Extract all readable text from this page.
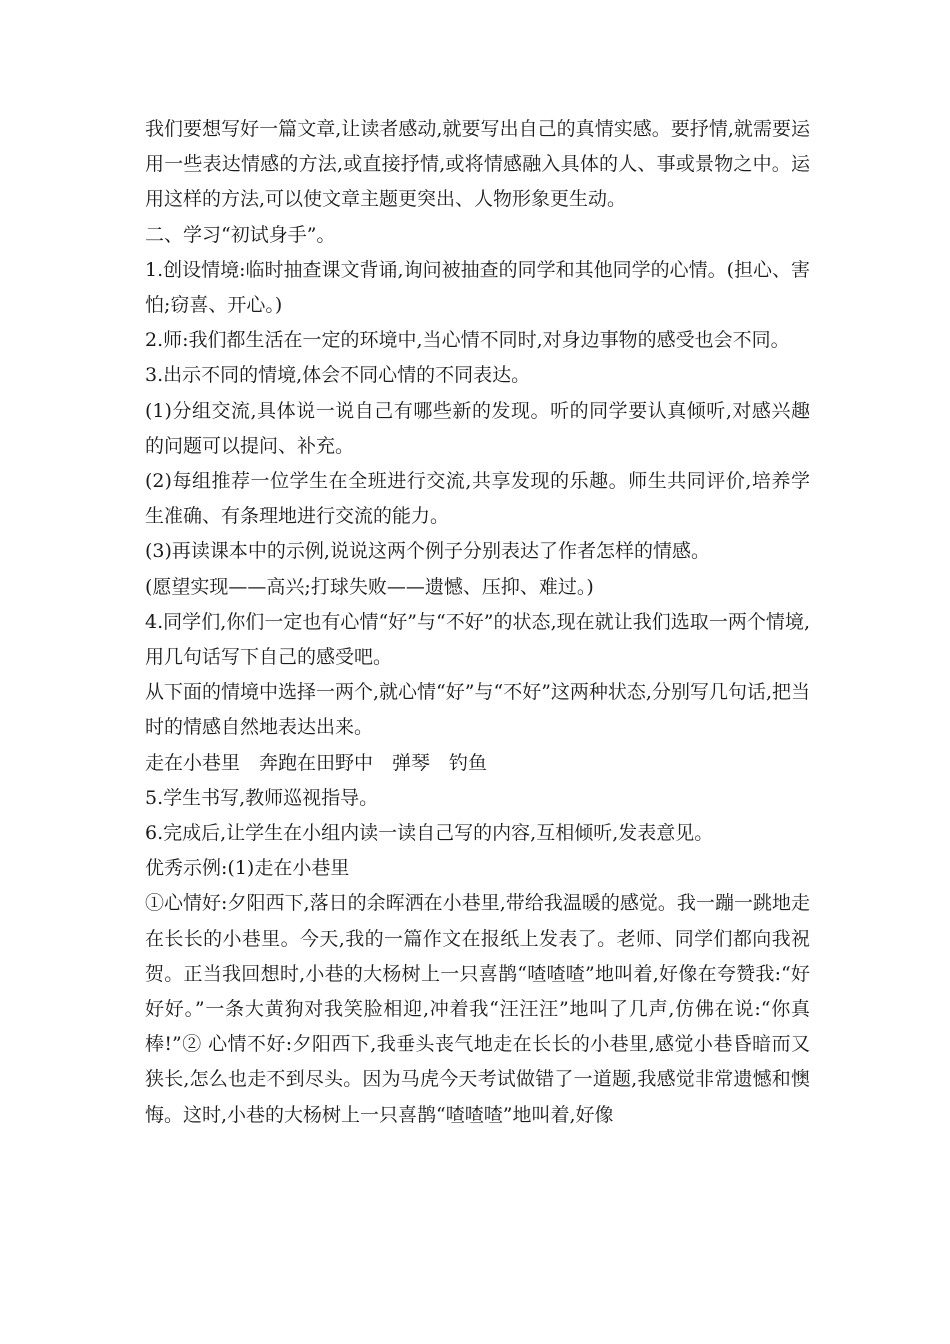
我们要想写好一篇文章,让读者感动,就要写出自己的真情实感。要抒情,就需要运用一些表达情感的方法,或直接抒情,或将情感融入具体的人、事或景物之中。运用这样的方法,可以使文章主题更突出、人物形象更生动。

二、学习“初试身手”。

1.创设情境:临时抽查课文背诵,询问被抽查的同学和其他同学的心情。(担心、害怕;窃喜、开心。)

2.师:我们都生活在一定的环境中,当心情不同时,对身边事物的感受也会不同。

3.出示不同的情境,体会不同心情的不同表达。

(1)分组交流,具体说一说自己有哪些新的发现。听的同学要认真倾听,对感兴趣的问题可以提问、补充。

(2)每组推荐一位学生在全班进行交流,共享发现的乐趣。师生共同评价,培养学生准确、有条理地进行交流的能力。

(3)再读课本中的示例,说说这两个例子分别表达了作者怎样的情感。

(愿望实现——高兴;打球失败——遗憾、压抑、难过。)

4.同学们,你们一定也有心情“好”与“不好”的状态,现在就让我们选取一两个情境,用几句话写下自己的感受吧。

从下面的情境中选择一两个,就心情“好”与“不好”这两种状态,分别写几句话,把当时的情感自然地表达出来。

走在小巷里　奔跑在田野中　弹琴　钓鱼

5.学生书写,教师巡视指导。

6.完成后,让学生在小组内读一读自己写的内容,互相倾听,发表意见。

优秀示例:(1)走在小巷里

①心情好:夕阳西下,落日的余晖洒在小巷里,带给我温暖的感觉。我一蹦一跳地走在长长的小巷里。今天,我的一篇作文在报纸上发表了。老师、同学们都向我祝贺。正当我回想时,小巷的大杨树上一只喜鹊“喳喳喳”地叫着,好像在夸赞我:“好好好。”一条大黄狗对我笑脸相迎,冲着我“汪汪汪”地叫了几声,仿佛在说:“你真棒!”② 心情不好:夕阳西下,我垂头丧气地走在长长的小巷里,感觉小巷昏暗而又狭长,怎么也走不到尽头。因为马虎今天考试做错了一道题,我感觉非常遗憾和懊悔。这时,小巷的大杨树上一只喜鹊“喳喳喳”地叫着,好像
